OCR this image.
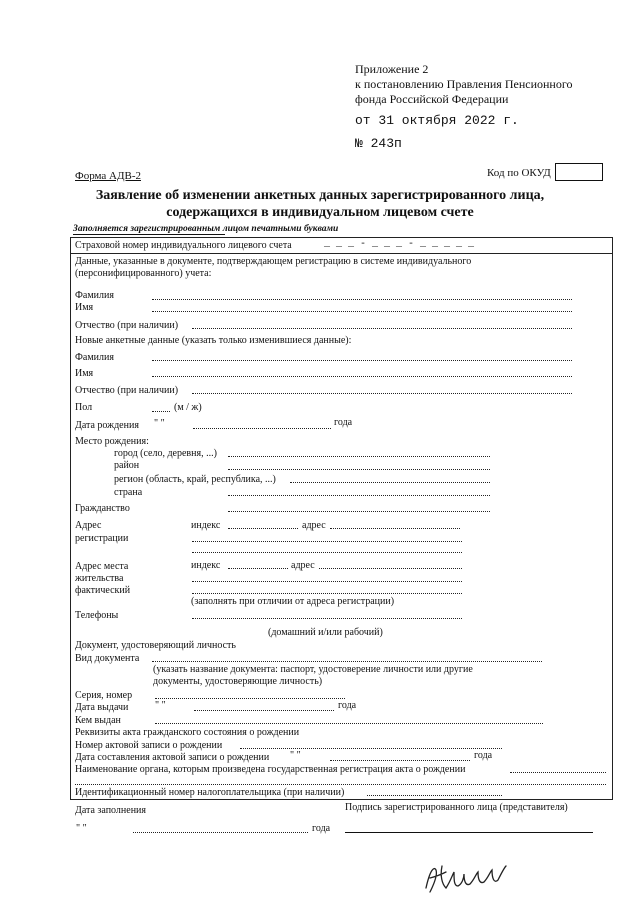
Приложение 2
к постановлению Правления Пенсионного
фонда Российской Федерации
от 31 октября 2022 г.
№ 243п
Форма АДВ-2	Код по ОКУД
Заявление об изменении анкетных данных зарегистрированного лица,
содержащихся в индивидуальном лицевом счете
Заполняется зарегистрированным лицом печатными буквами
Страховой номер индивидуального лицевого счета	_ _ _ - _ _ _ - _ _ _ _ _
Данные, указанные в документе, подтверждающем регистрацию в системе индивидуального
(персонифицированного) учета:
Фамилия
Имя
Отчество (при наличии)
Новые анкетные данные (указать только изменившиеся данные):
Фамилия
Имя
Отчество (при наличии)
Пол	(м / ж)
Дата рождения " "	года
Место рождения:
город (село, деревня, ...)
район
регион (область, край, республика, ...)
страна
Гражданство
Адрес
регистрации
индекс	адрес
Адрес места
жительства
фактический
индекс	адрес
(заполнять при отличии от адреса регистрации)
Телефоны
(домашний и/или рабочий)
Документ, удостоверяющий личность
Вид документа
(указать название документа: паспорт, удостоверение личности или другие
документы, удостоверяющие личность)
Серия, номер
Дата выдачи	" "	года
Кем выдан
Реквизиты акта гражданского состояния о рождении
Номер актовой записи о рождении
Дата составления актовой записи о рождении " "	года
Наименование органа, которым произведена государственная регистрация акта о рождении
Идентификационный номер налогоплательщика (при наличии)
Дата заполнения	Подпись зарегистрированного лица (представителя)
" "	года
